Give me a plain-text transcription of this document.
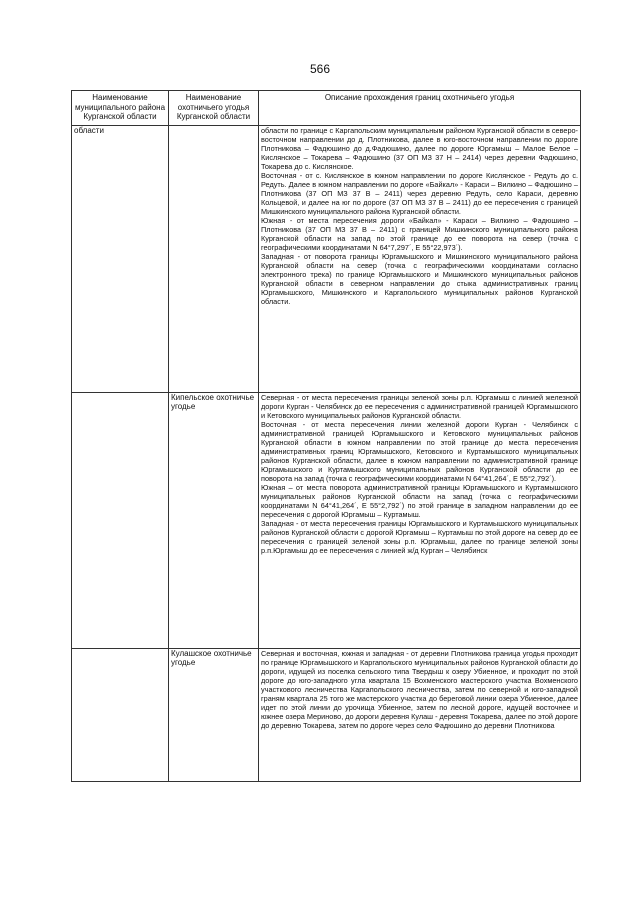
566
Наименование муниципального района Курганской области	Наименование охотничьего угодья Курганской области	Описание прохождения границ охотничьего угодья
области		области по границе с Каргапольским муниципальным районом Курганской области в северо-восточном направлении до д. Плотникова, далее в юго-восточном направлении по дороге Плотникова – Фадюшино до д.Фадюшино, далее по дороге Юргамыш – Малое Белое – Кислянское – Токарева – Фадюшино (37 ОП МЗ 37 Н – 2414) через деревни Фадюшино, Токарева до с. Кислянское.

Восточная - от с. Кислянское в южном направлении по дороге Кислянское - Редуть до с. Редуть. Далее в южном направлении по дороге «Байкал» - Караси – Вилкино – Фадюшино – Плотникова (37 ОП МЗ 37 В – 2411) через деревню Редуть, село Караси, деревню Кольцевой, и далее на юг по дороге (37 ОП МЗ 37 В – 2411) до ее пересечения с границей Мишкинского муниципального района Курганской области.

Южная - от места пересечения дороги «Байкал» - Караси – Вилкино – Фадюшино – Плотникова (37 ОП МЗ 37 В – 2411) с границей Мишкинского муниципального района Курганской области на запад по этой границе до ее поворота на север (точка с географическими координатами N 64°7,297´, E 55°22,973´).

Западная - от поворота границы Юргамышского и Мишкинского муниципального района Курганской области на север (точка с географическими координатами согласно электронного трека) по границе Юргамышского и Мишкинского муниципальных районов Курганской области в северном направлении до стыка административных границ Юргамышского, Мишкинского и Каргапольского муниципальных районов Курганской области.

	Кипельское охотничье угодье	Северная - от места пересечения границы зеленой зоны р.п. Юргамыш с линией железной дороги Курган - Челябинск до ее пересечения с административной границей Юргамышского и Кетовского муниципальных районов Курганской области.

Восточная - от места пересечения линии железной дороги Курган - Челябинск с административной границей Юргамышского и Кетовского муниципальных районов Курганской области в южном направлении по этой границе до места пересечения административных границ Юргамышского, Кетовского и Куртамышского муниципальных районов Курганской области, далее в южном направлении по административной границе Юргамышского и Куртамышского муниципальных районов Курганской области до ее поворота на запад (точка с географическими координатами N 64°41,264´, E 55°2,792´).

Южная – от места поворота административной границы Юргамышского и Куртамышского муниципальных районов Курганской области на запад (точка с географическими координатами N 64°41,264´, E 55°2,792´) по этой границе в западном направлении до ее пересечения с дорогой Юргамыш – Куртамыш.

Западная - от места пересечения границы Юргамышского и Куртамышского муниципальных районов Курганской области с дорогой Юргамыш – Куртамыш по этой дороге на север до ее пересечения с границей зеленой зоны р.п. Юргамыш, далее по границе зеленой зоны р.п.Юргамыш до ее пересечения с линией ж/д Курган – Челябинск

	Кулашское охотничье угодье	Северная и восточная, южная и западная - от деревни Плотникова граница угодья проходит по границе Юргамышского и Каргапольского муниципальных районов Курганской области до дороги, идущей из поселка сельского типа Твердыш к озеру Убиенное, и проходит по этой дороге до юго-западного угла квартала 15 Вохменского мастерского участка Вохменского участкового лесничества Каргапольского лесничества, затем по северной и юго-западной граням квартала 25 того же мастерского участка до береговой линии озера Убиенное, далее идет по этой линии до урочища Убиенное, затем по лесной дороге, идущей восточнее и южнее озера Мериново, до дороги деревня Кулаш - деревня Токарева, далее по этой дороге до деревню Токарева, затем по дороге через село Фадюшино до деревни Плотникова
